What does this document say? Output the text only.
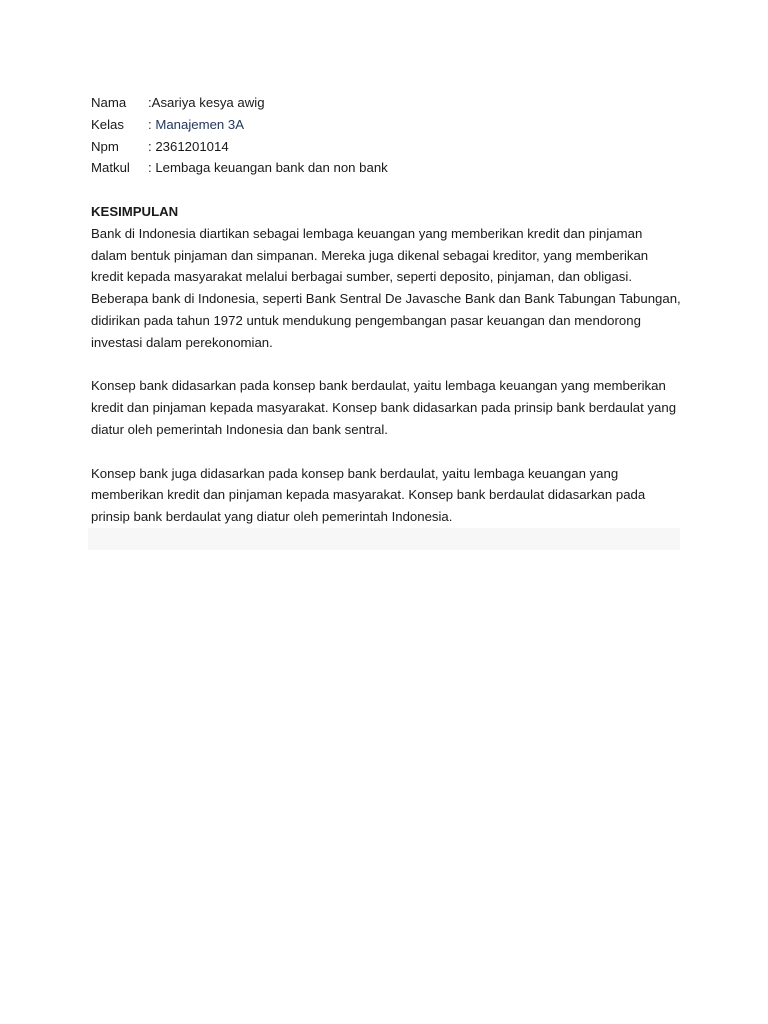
Nama	:Asariya kesya awig
Kelas	: Manajemen 3A
Npm	: 2361201014
Matkul	: Lembaga keuangan bank dan non bank
KESIMPULAN

Bank di Indonesia diartikan sebagai lembaga keuangan yang memberikan kredit dan pinjaman dalam bentuk pinjaman dan simpanan. Mereka juga dikenal sebagai kreditor, yang memberikan kredit kepada masyarakat melalui berbagai sumber, seperti deposito, pinjaman, dan obligasi. Beberapa bank di Indonesia, seperti Bank Sentral De Javasche Bank dan Bank Tabungan Tabungan, didirikan pada tahun 1972 untuk mendukung pengembangan pasar keuangan dan mendorong investasi dalam perekonomian.

Konsep bank didasarkan pada konsep bank berdaulat, yaitu lembaga keuangan yang memberikan kredit dan pinjaman kepada masyarakat. Konsep bank didasarkan pada prinsip bank berdaulat yang diatur oleh pemerintah Indonesia dan bank sentral.

Konsep bank juga didasarkan pada konsep bank berdaulat, yaitu lembaga keuangan yang memberikan kredit dan pinjaman kepada masyarakat. Konsep bank berdaulat didasarkan pada prinsip bank berdaulat yang diatur oleh pemerintah Indonesia.
